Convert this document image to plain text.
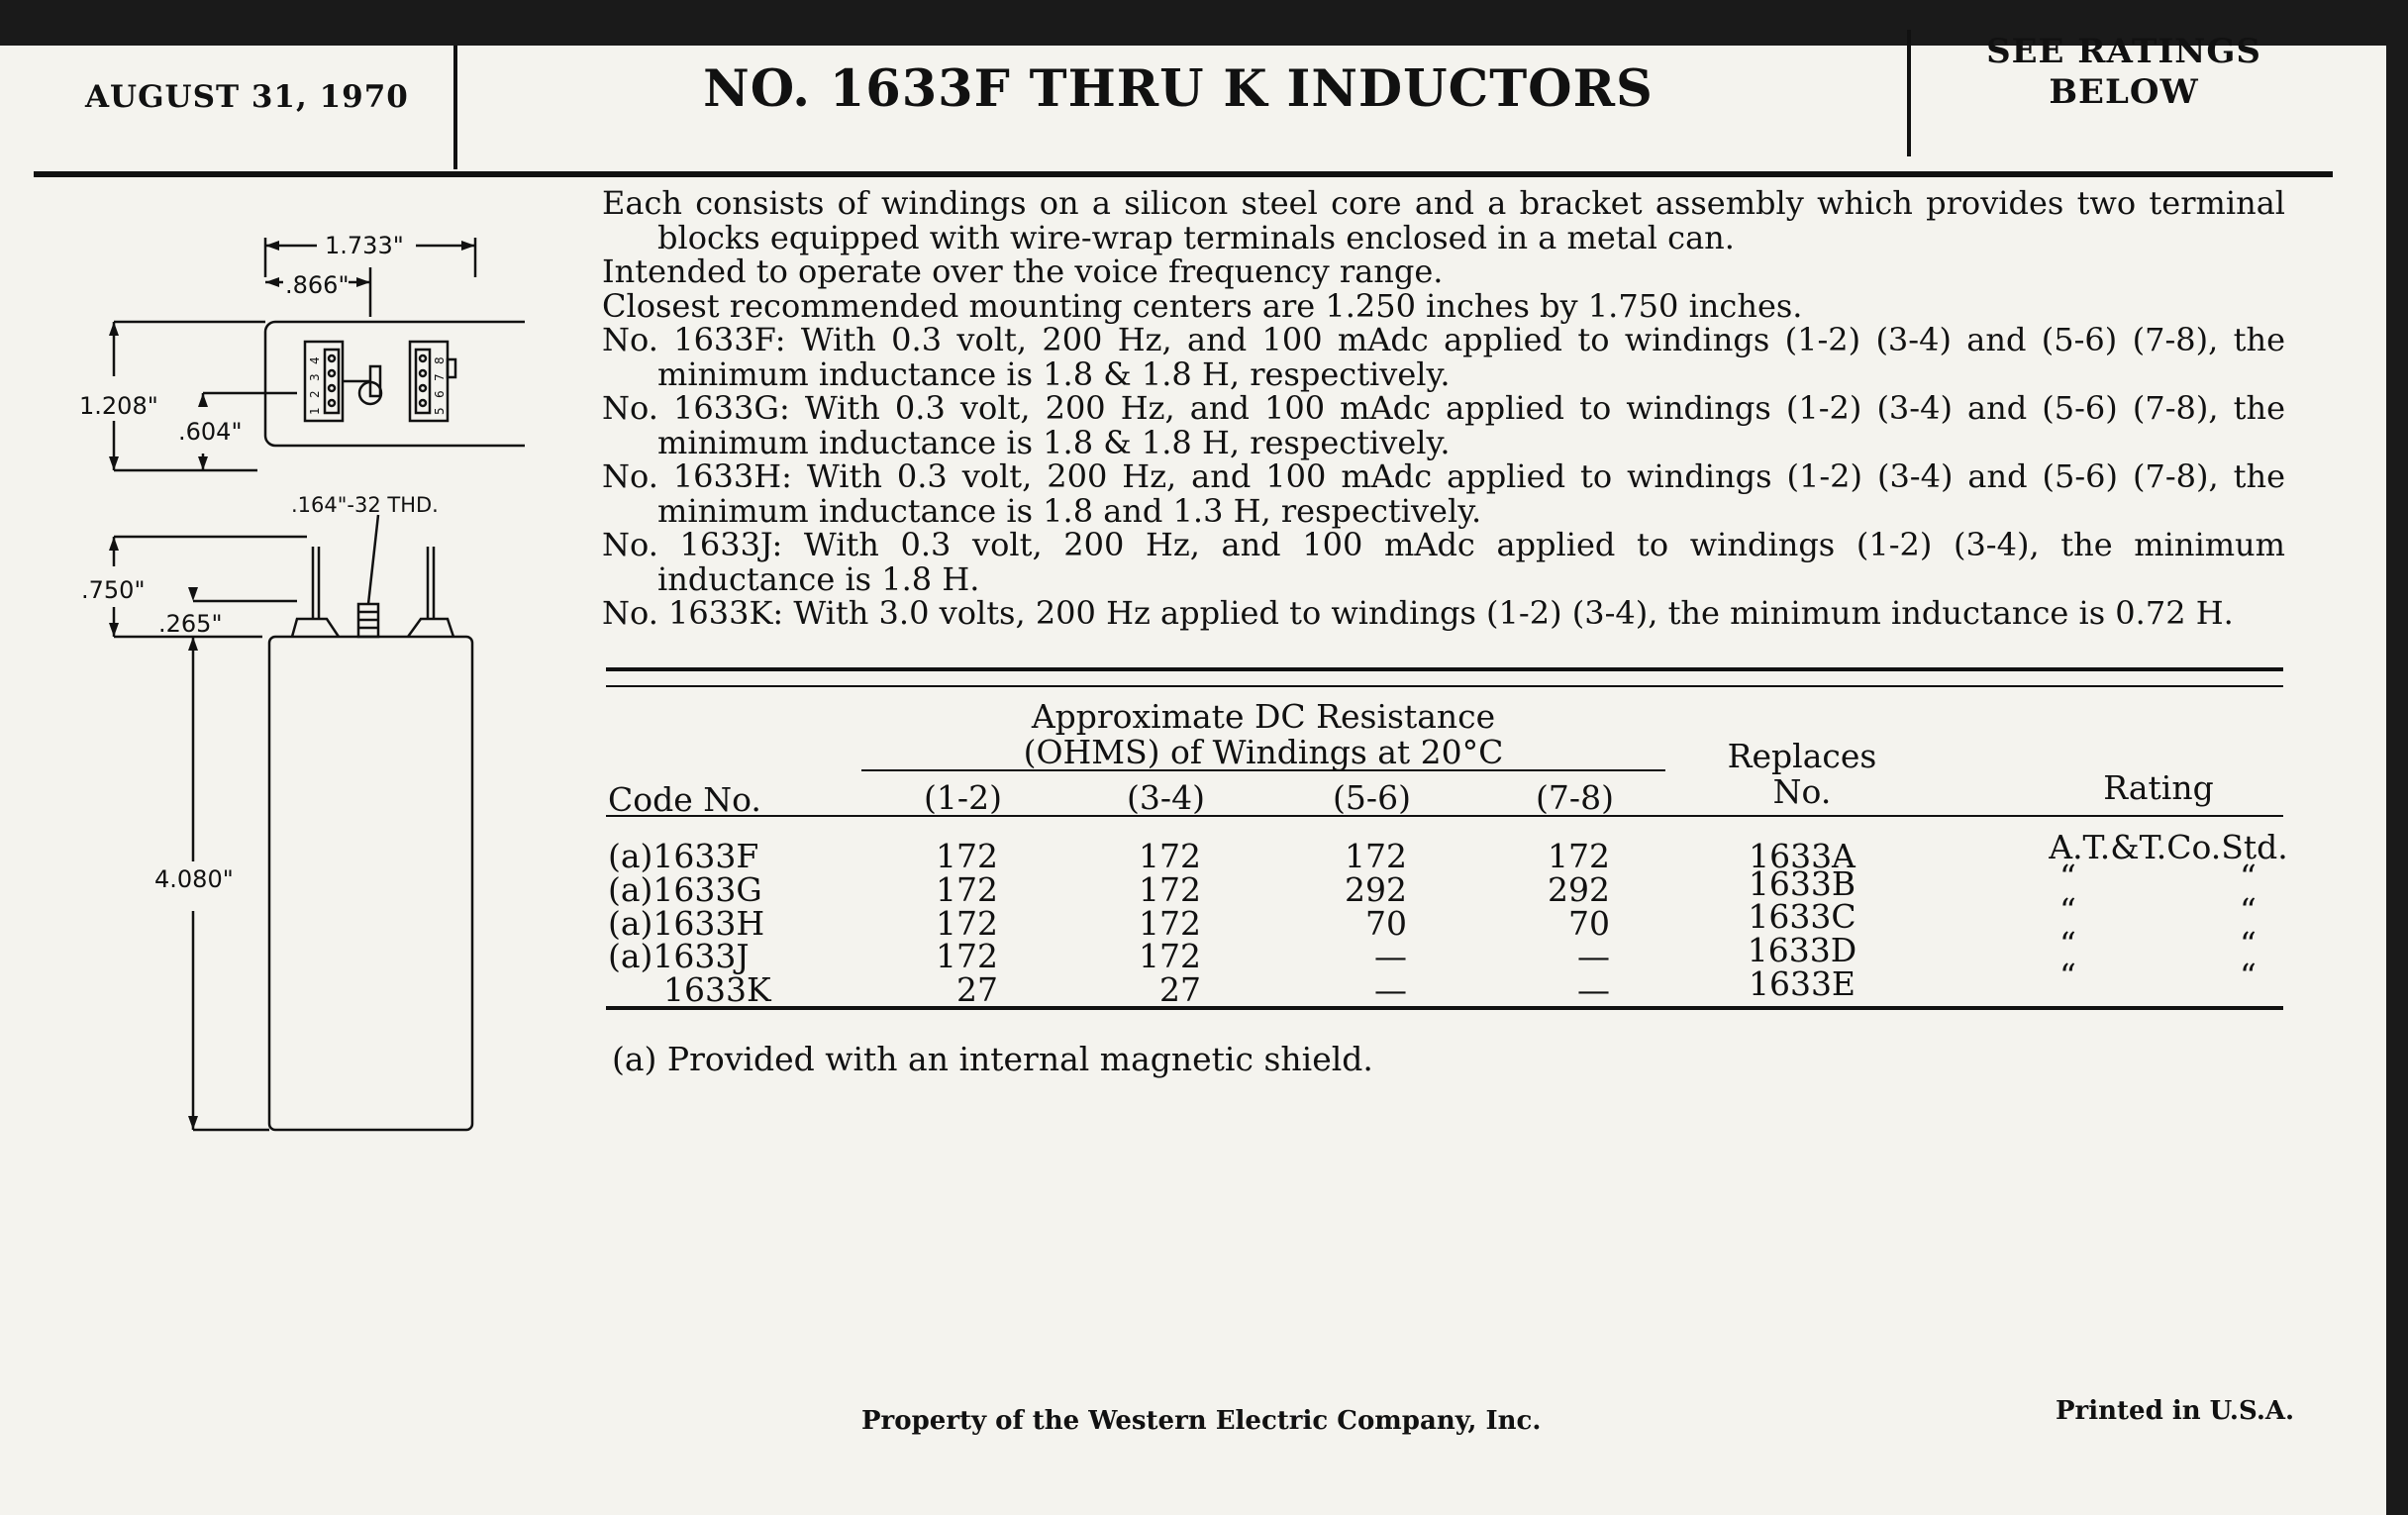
AUGUST 31, 1970	NO. 1633F THRU K INDUCTORS
SEE RATINGS
BELOW
4
3
2
1
8
7
6
5
1.733"
.866"
1.208"
.604"
.164"-32 THD.
.750"
.265"
4.080"

Each consists of windings on a silicon steel core and a bracket assembly which provides two terminal blocks equipped with wire-wrap terminals enclosed in a metal can.

Intended to operate over the voice frequency range.

Closest recommended mounting centers are 1.250 inches by 1.750 inches.

No. 1633F: With 0.3 volt, 200 Hz, and 100 mAdc applied to windings (1-2) (3-4) and (5-6) (7-8), the minimum inductance is 1.8 & 1.8 H, respectively.

No. 1633G: With 0.3 volt, 200 Hz, and 100 mAdc applied to windings (1-2) (3-4) and (5-6) (7-8), the minimum inductance is 1.8 & 1.8 H, respectively.

No. 1633H: With 0.3 volt, 200 Hz, and 100 mAdc applied to windings (1-2) (3-4) and (5-6) (7-8), the minimum inductance is 1.8 and 1.3 H, respectively.

No. 1633J: With 0.3 volt, 200 Hz, and 100 mAdc applied to windings (1-2) (3-4), the minimum inductance is 1.8 H.

No. 1633K: With 3.0 volts, 200 Hz applied to windings (1-2) (3-4), the minimum inductance is 0.72 H.

Approximate DC Resistance
(OHMS) of Windings at 20°C	Replaces
No.
Code No.	(1-2)	(3-4)	(5-6)	(7-8)	Rating
(a)1633F	172	172	172	172	1633A	A.T.&T.Co.Std.
(a)1633G	172	172	292	292	1633B	“	“
(a)1633H	172	172	70	70	1633C	“	“
(a)1633J	172	172	—	—	1633D	“	“
1633K	27	27	—	—	1633E	“	“
(a) Provided with an internal magnetic shield.
Property of the Western Electric Company, Inc.	Printed in U.S.A.
